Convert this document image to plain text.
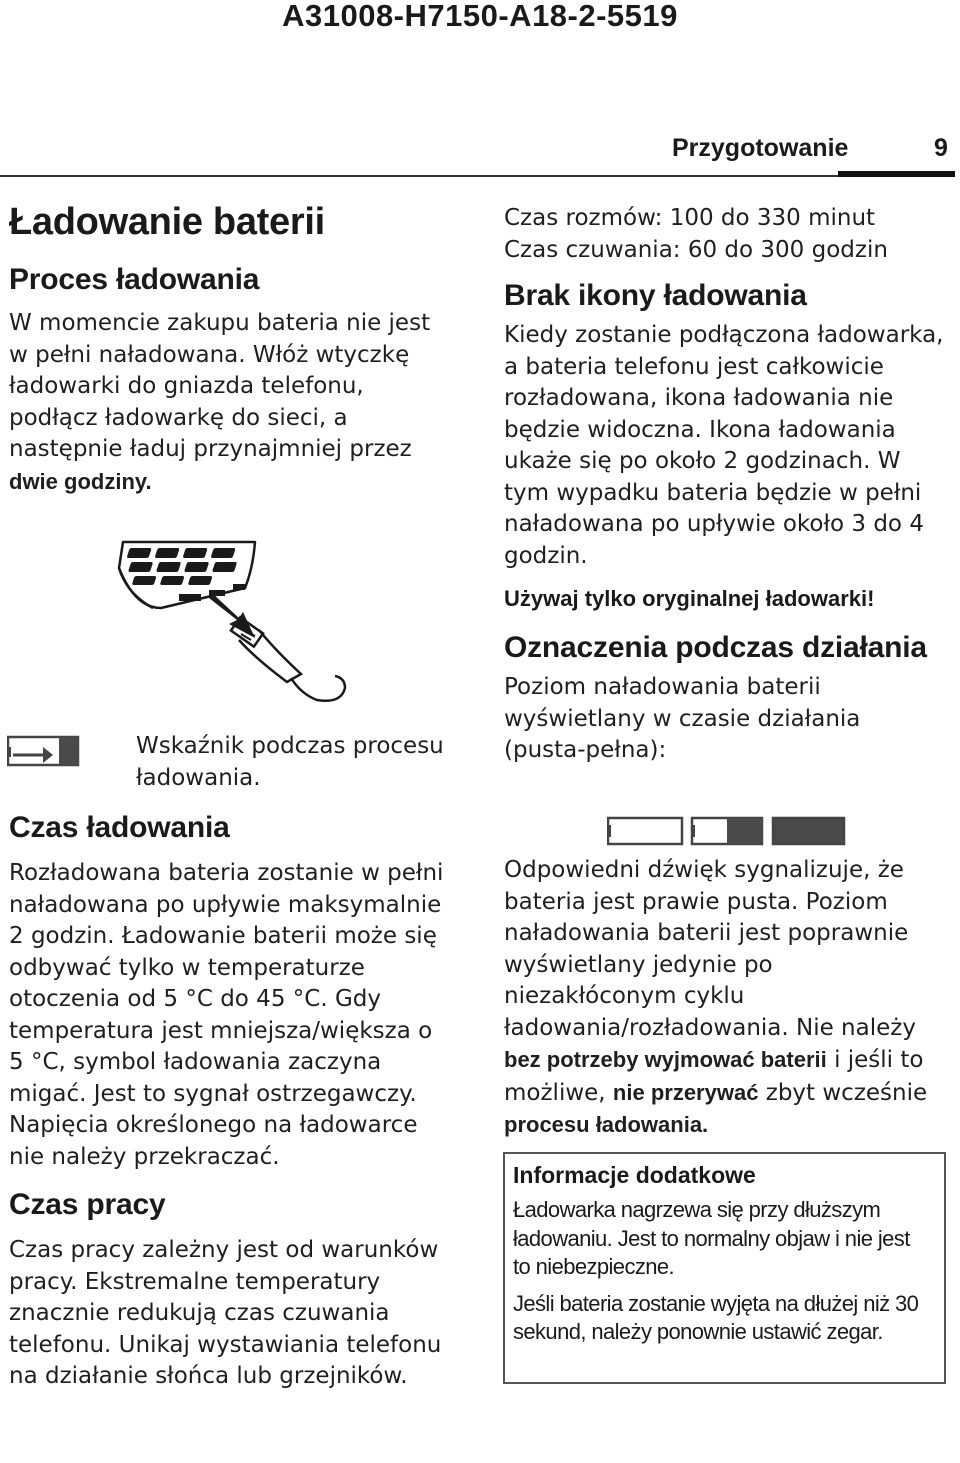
A31008-H7150-A18-2-5519
Przygotowanie	9
Ładowanie baterii
Proces ładowania

W momencie zakupu bateria nie jest w pełni naładowana. Włóż wtyczkę ładowarki do gniazda telefonu, podłącz ładowarkę do sieci, a następnie ładuj przynajmniej przez dwie godziny.

Wskaźnik podczas procesu ładowania.

Czas ładowania

Rozładowana bateria zostanie w pełni naładowana po upływie maksymalnie 2 godzin. Ładowanie baterii może się odbywać tylko w temperaturze otoczenia od 5 °C do 45 °C. Gdy temperatura jest mniejsza/większa o 5 °C, symbol ładowania zaczyna migać. Jest to sygnał ostrzegawczy. Napięcia określonego na ładowarce nie należy przekraczać.

Czas pracy

Czas pracy zależny jest od warunków pracy. Ekstremalne temperatury znacznie redukują czas czuwania telefonu. Unikaj wystawiania telefonu na działanie słońca lub grzejników.

Czas rozmów: 100 do 330 minut

Czas czuwania: 60 do 300 godzin

Brak ikony ładowania

Kiedy zostanie podłączona ładowarka, a bateria telefonu jest całkowicie rozładowana, ikona ładowania nie będzie widoczna. Ikona ładowania ukaże się po około 2 godzinach. W tym wypadku bateria będzie w pełni naładowana po upływie około 3 do 4 godzin.

Używaj tylko oryginalnej ładowarki!

Oznaczenia podczas działania

Poziom naładowania baterii wyświetlany w czasie działania (pusta-pełna):

Odpowiedni dźwięk sygnalizuje, że bateria jest prawie pusta. Poziom naładowania baterii jest poprawnie wyświetlany jedynie po niezakłóconym cyklu ładowania/rozładowania. Nie należy bez potrzeby wyjmować baterii i jeśli to możliwe, nie przerywać zbyt wcześnie procesu ładowania.

Informacje dodatkowe

Ładowarka nagrzewa się przy dłuższym ładowaniu. Jest to normalny objaw i nie jest to niebezpieczne.

Jeśli bateria zostanie wyjęta na dłużej niż 30 sekund, należy ponownie ustawić zegar.
